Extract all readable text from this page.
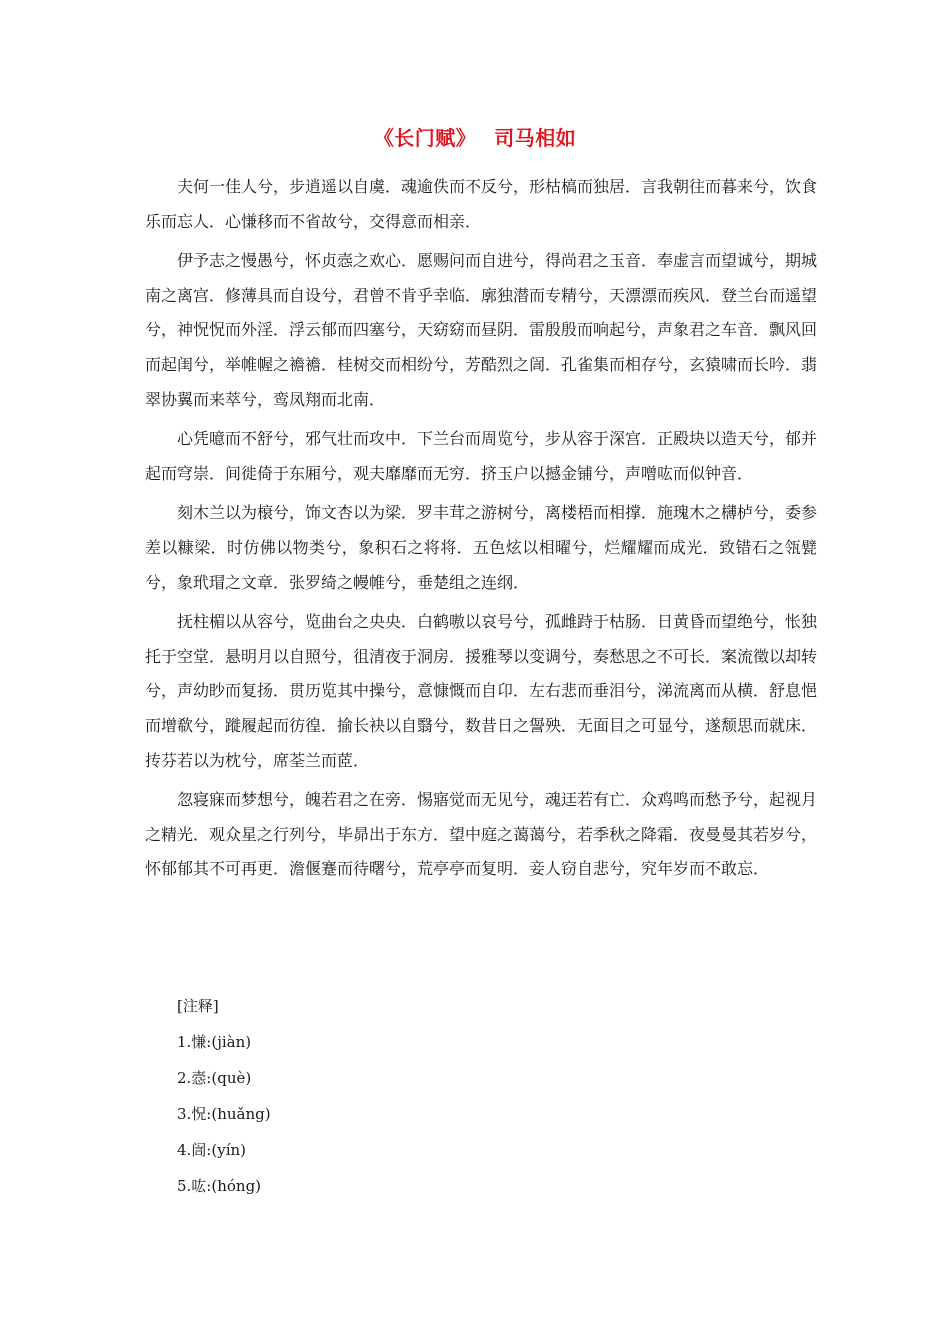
《长门赋》　 司马相如

夫何一佳人兮，步逍遥以自虞．魂逾佚而不反兮，形枯槁而独居．言我朝往而暮来兮，饮食乐而忘人．心慊移而不省故兮，交得意而相亲．

伊予志之慢愚兮，怀贞悫之欢心．愿赐问而自进兮，得尚君之玉音．奉虚言而望诚兮，期城南之离宫．修薄具而自设兮，君曾不肯乎幸临．廓独潜而专精兮，天漂漂而疾风．登兰台而遥望兮，神怳怳而外淫．浮云郁而四塞兮，天窈窈而昼阴．雷殷殷而响起兮，声象君之车音．飘风回而起闺兮，举帷幄之襜襜．桂树交而相纷兮，芳酷烈之訚．孔雀集而相存兮，玄猿啸而长吟．翡翠协翼而来萃兮，鸾凤翔而北南．

心凭噫而不舒兮，邪气壮而攻中．下兰台而周览兮，步从容于深宫．正殿块以造天兮，郁并起而穹崇．间徙倚于东厢兮，观夫靡靡而无穷．挤玉户以撼金铺兮，声噌吰而似钟音．

刻木兰以为榱兮，饰文杏以为梁．罗丰茸之游树兮，离楼梧而相撑．施瑰木之欂栌兮，委参差以糠梁．时仿佛以物类兮，象积石之将将．五色炫以相曜兮，烂耀耀而成光．致错石之瓴甓兮，象玳瑁之文章．张罗绮之幔帷兮，垂楚组之连纲．

抚柱楣以从容兮，览曲台之央央．白鹤嗷以哀号兮，孤雌跱于枯肠．日黄昏而望绝兮，怅独托于空堂．悬明月以自照兮，徂清夜于洞房．援雅琴以变调兮，奏愁思之不可长．案流徵以却转兮，声幼眇而复扬．贯历览其中操兮，意慷慨而自卬．左右悲而垂泪兮，涕流离而从横．舒息悒而增欷兮，蹝履起而彷徨．揄长袂以自翳兮，数昔日之諐殃．无面目之可显兮，遂颓思而就床．抟芬若以为枕兮，席荃兰而茝．

忽寝寐而梦想兮，魄若君之在旁．惕寤觉而无见兮，魂迋若有亡．众鸡鸣而愁予兮，起视月之精光．观众星之行列兮，毕昴出于东方．望中庭之蔼蔼兮，若季秋之降霜．夜曼曼其若岁兮，怀郁郁其不可再更．澹偃蹇而待曙兮，荒亭亭而复明．妾人窃自悲兮，究年岁而不敢忘．

[注释]
1.慊:(jiàn)
2.悫:(què)
3.怳:(huǎng)
4.訚:(yín)
5.吰:(hóng)
